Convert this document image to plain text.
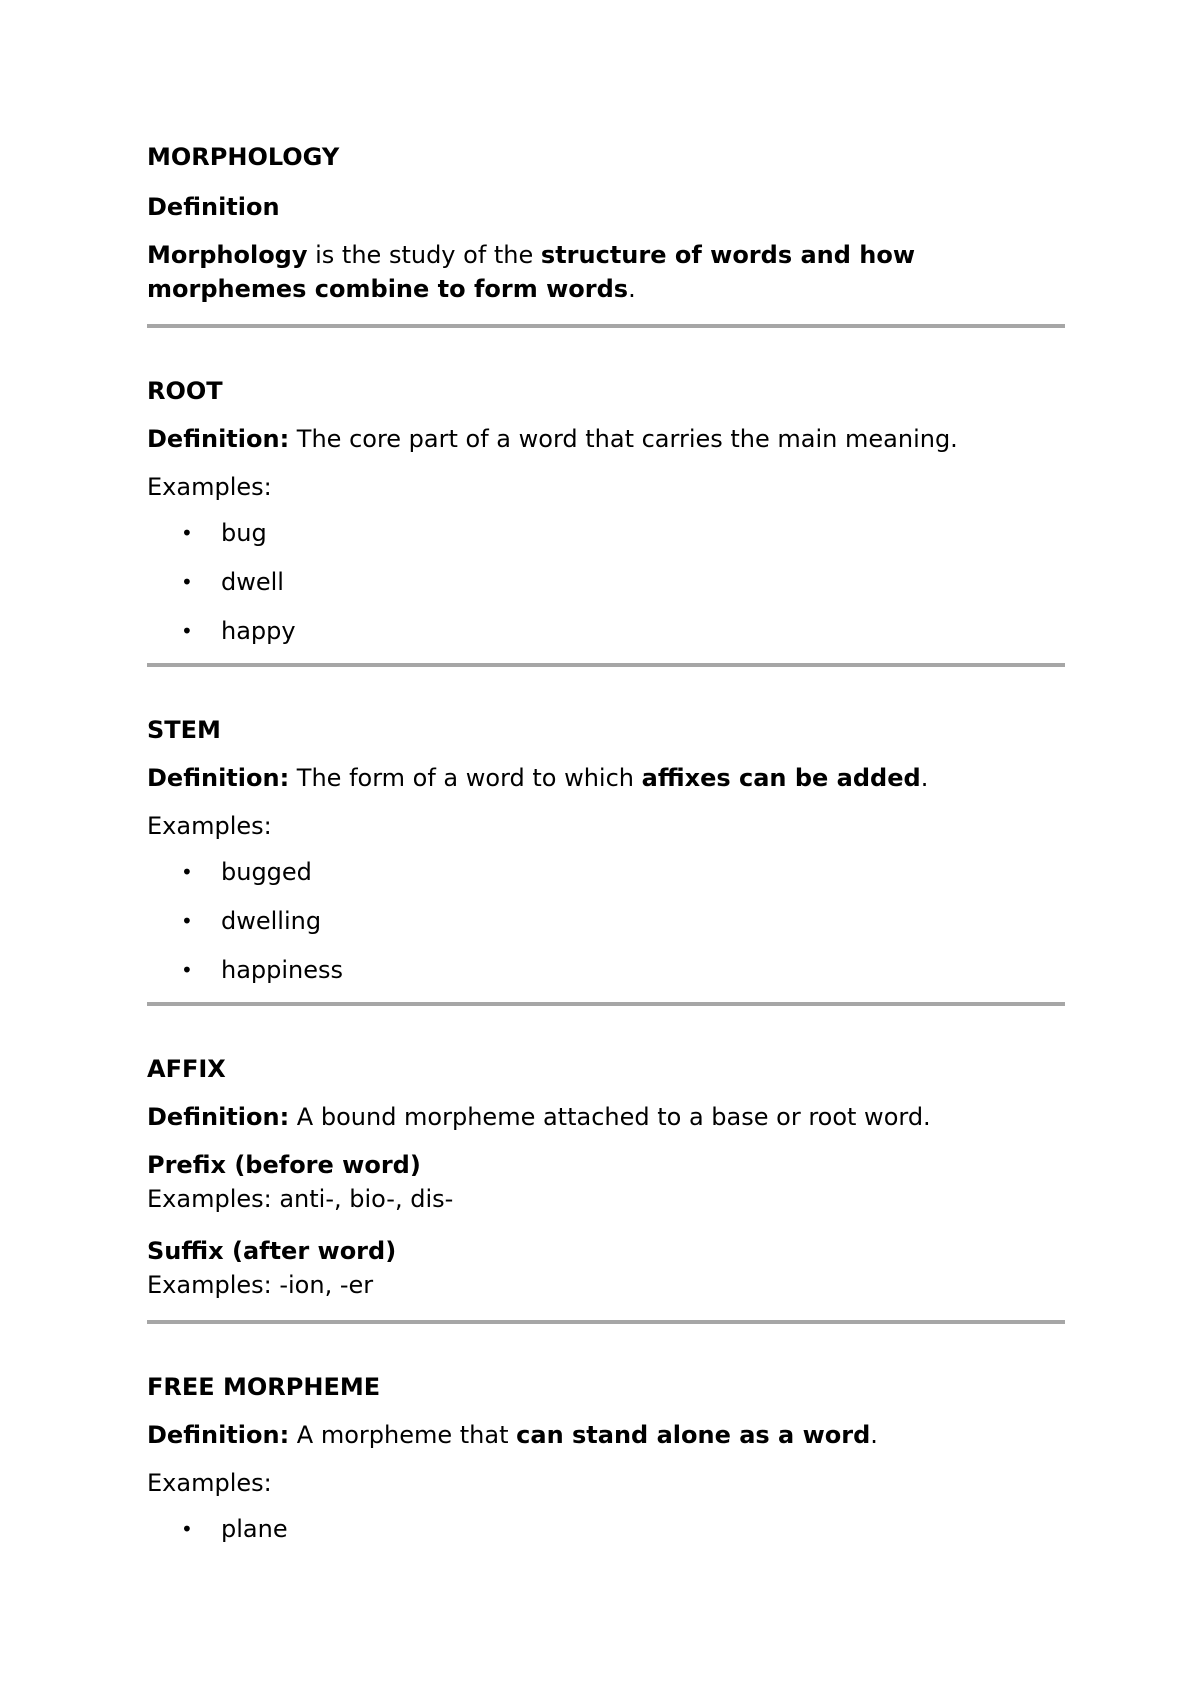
MORPHOLOGY

Definition

Morphology is the study of the structure of words and how morphemes combine to form words.

ROOT

Definition: The core part of a word that carries the main meaning.

Examples:

• bug
• dwell
• happy

STEM

Definition: The form of a word to which affixes can be added.

Examples:

• bugged
• dwelling
• happiness

AFFIX

Definition: A bound morpheme attached to a base or root word.

Prefix (before word)

Examples: anti-, bio-, dis-

Suffix (after word)

Examples: -ion, -er

FREE MORPHEME

Definition: A morpheme that can stand alone as a word.

Examples:

• plane
